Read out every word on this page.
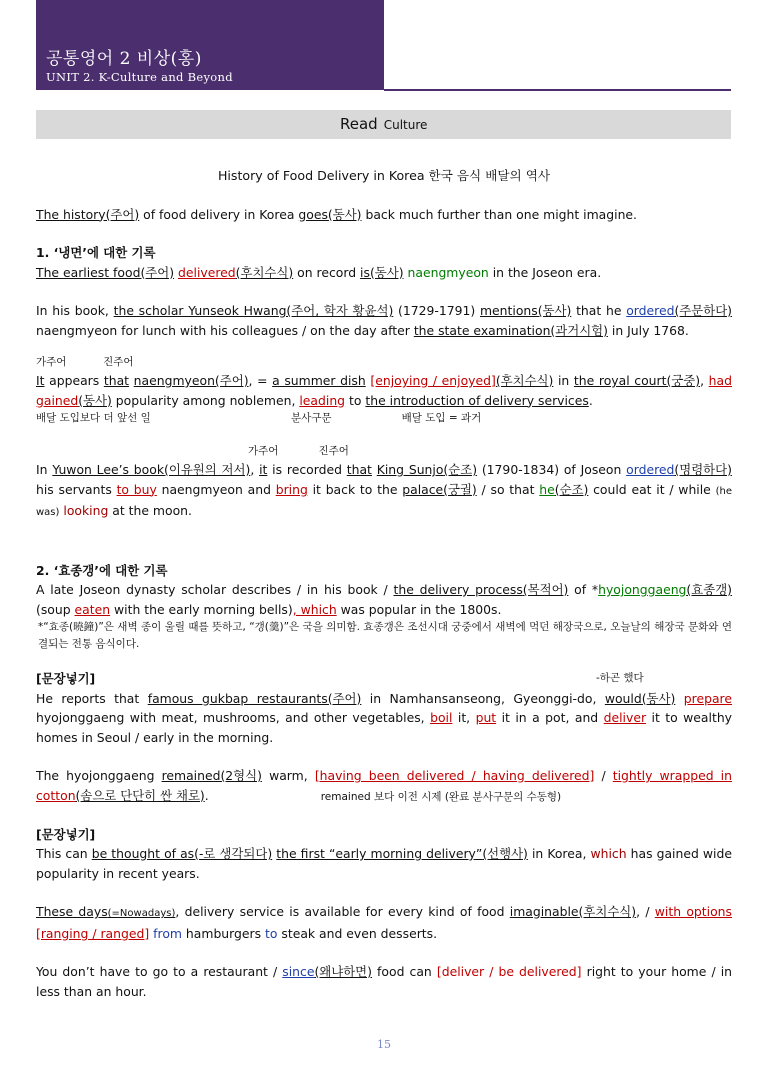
공통영어 2 비상(홍)
UNIT 2. K-Culture and Beyond
Read Culture

History of Food Delivery in Korea 한국 음식 배달의 역사

The history(주어) of food delivery in Korea goes(동사) back much further than one might imagine.

1. ‘냉면’에 대한 기록

The earliest food(주어) delivered(후치수식) on record is(동사) naengmyeon in the Joseon era.

In his book, the scholar Yunseok Hwang(주어, 학자 황윤석) (1729-1791) mentions(동사) that he ordered(주문하다) naengmyeon for lunch with his colleagues / on the day after the state examination(과거시험) in July 1768.

가주어           진주어

It appears that naengmyeon(주어), = a summer dish [enjoying / enjoyed](후치수식) in the royal court(궁중), had gained(동사) popularity among noblemen, leading to the introduction of delivery services.

배달 도입보다 더 앞선 일                                          분사구문                     배달 도입 = 과거

가주어            진주어

In Yuwon Lee’s book(이유원의 저서), it is recorded that King Sunjo(순조) (1790-1834) of Joseon ordered(명령하다) his servants to buy naengmyeon and bring it back to the palace(궁궐) / so that he(순조) could eat it / while (he was) looking at the moon.

2. ‘효종갱’에 대한 기록

A late Joseon dynasty scholar describes / in his book / the delivery process(목적어) of *hyojonggaeng(효종갱) (soup eaten with the early morning bells), which was popular in the 1800s.

*“효종(曉鐘)”은 새벽 종이 울릴 때를 뜻하고, “갱(羹)”은 국을 의미함. 효종갱은 조선시대 궁중에서 새벽에 먹던 해장국으로, 오늘날의 해장국 문화와 연결되는 전통 음식이다.

[문장넣기]	-하곤 했다

He reports that famous gukbap restaurants(주어) in Namhansanseong, Gyeonggi-do, would(동사) prepare hyojonggaeng with meat, mushrooms, and other vegetables, boil it, put it in a pot, and deliver it to wealthy homes in Seoul / early in the morning.

The hyojonggaeng remained(2형식) warm, [having been delivered / having delivered] / tightly wrapped in cotton(솜으로 단단히 싼 채로).	remained 보다 이전 시제 (완료 분사구문의 수동형)

[문장넣기]

This can be thought of as(-로 생각되다) the first “early morning delivery”(선행사) in Korea, which has gained wide popularity in recent years.

These days(=Nowadays), delivery service is available for every kind of food imaginable(후치수식), / with options [ranging / ranged] from hamburgers to steak and even desserts.

You don’t have to go to a restaurant / since(왜냐하면) food can [deliver / be delivered] right to your home / in less than an hour.

15
